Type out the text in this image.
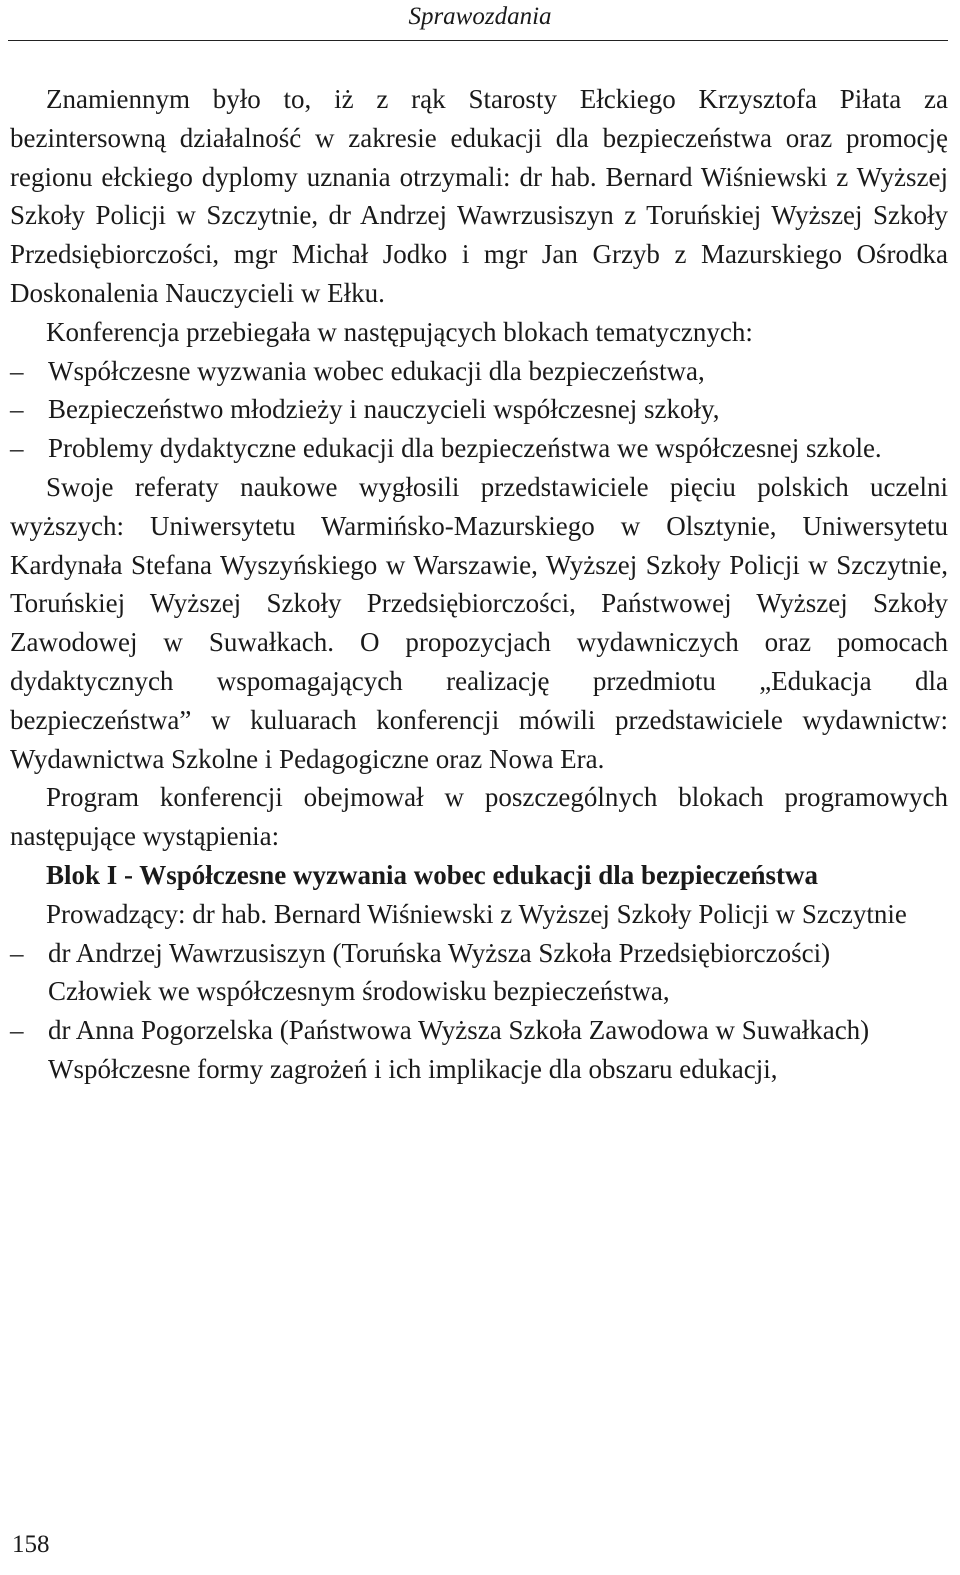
Sprawozdania

Znamiennym było to, iż z rąk Starosty Ełckiego Krzysztofa Piłata za bezintersowną działalność w zakresie edukacji dla bezpieczeństwa oraz promocję regionu ełckiego dyplomy uznania otrzymali: dr hab. Bernard Wiśniewski z Wyższej Szkoły Policji w Szczytnie, dr Andrzej Wawrzusiszyn z Toruńskiej Wyższej Szkoły Przedsiębiorczości, mgr Michał Jodko i mgr Jan Grzyb z Mazurskiego Ośrodka Doskonalenia Nauczycieli w Ełku.

Konferencja przebiegała w następujących blokach tematycznych:

– Współczesne wyzwania wobec edukacji dla bezpieczeństwa,
– Bezpieczeństwo młodzieży i nauczycieli współczesnej szkoły,
– Problemy dydaktyczne edukacji dla bezpieczeństwa we współczesnej szkole.

Swoje referaty naukowe wygłosili przedstawiciele pięciu polskich uczelni wyższych: Uniwersytetu Warmińsko-Mazurskiego w Olsztynie, Uniwersytetu Kardynała Stefana Wyszyńskiego w Warszawie, Wyższej Szkoły Policji w Szczytnie, Toruńskiej Wyższej Szkoły Przedsiębiorczości, Państwowej Wyższej Szkoły Zawodowej w Suwałkach. O propozycjach wydawniczych oraz pomocach dydaktycznych wspomagających realizację przedmiotu „Edukacja dla bezpieczeństwa” w kuluarach konferencji mówili przedstawiciele wydawnictw: Wydawnictwa Szkolne i Pedagogiczne oraz Nowa Era.

Program konferencji obejmował w poszczególnych blokach programowych następujące wystąpienia:

Blok I - Współczesne wyzwania wobec edukacji dla bezpieczeństwa

Prowadzący: dr hab. Bernard Wiśniewski z Wyższej Szkoły Policji w Szczytnie

– dr Andrzej Wawrzusiszyn (Toruńska Wyższa Szkoła Przedsiębiorczości)

Człowiek we współczesnym środowisku bezpieczeństwa,

– dr Anna Pogorzelska (Państwowa Wyższa Szkoła Zawodowa w Suwałkach)

Współczesne formy zagrożeń i ich implikacje dla obszaru edukacji,

158
